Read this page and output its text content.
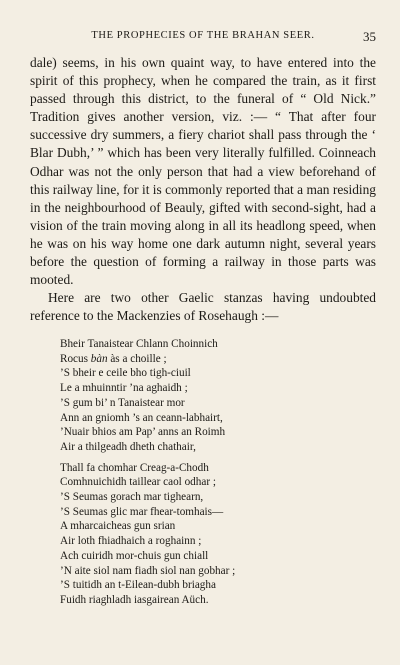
THE PROPHECIES OF THE BRAHAN SEER.	35

dale) seems, in his own quaint way, to have entered into the spirit of this prophecy, when he compared the train, as it first passed through this district, to the funeral of “ Old Nick.” Tradition gives another version, viz. :— “ That after four successive dry summers, a fiery chariot shall pass through the ‘ Blar Dubh,’ ” which has been very literally fulfilled. Coinneach Odhar was not the only person that had a view beforehand of this railway line, for it is commonly reported that a man residing in the neighbourhood of Beauly, gifted with second-sight, had a vision of the train moving along in all its headlong speed, when he was on his way home one dark autumn night, several years before the question of forming a railway in those parts was mooted.

Here are two other Gaelic stanzas having undoubted reference to the Mackenzies of Rosehaugh :—

Bheir Tanaistear Chlann Choinnich
Rocus bàn às a choille ;
’S bheir e ceile bho tigh-ciuil
Le a mhuinntir ’na aghaidh ;
’S gum bi’ n Tanaistear mor
Ann an gniomh ’s an ceann-labhairt,
’Nuair bhios am Pap’ anns an Roimh
Air a thilgeadh dheth chathair,
Thall fa chomhar Creag-a-Chodh
Comhnuichidh taillear caol odhar ;
’S Seumas gorach mar tighearn,
’S Seumas glic mar fhear-tomhais—
A mharcaicheas gun srian
Air loth fhiadhaich a roghainn ;
Ach cuiridh mor-chuis gun chiall
’N aite siol nam fiadh siol nan gobhar ;
’S tuitidh an t-Eilean-dubh briagha
Fuidh riaghladh iasgairean Aüch.
